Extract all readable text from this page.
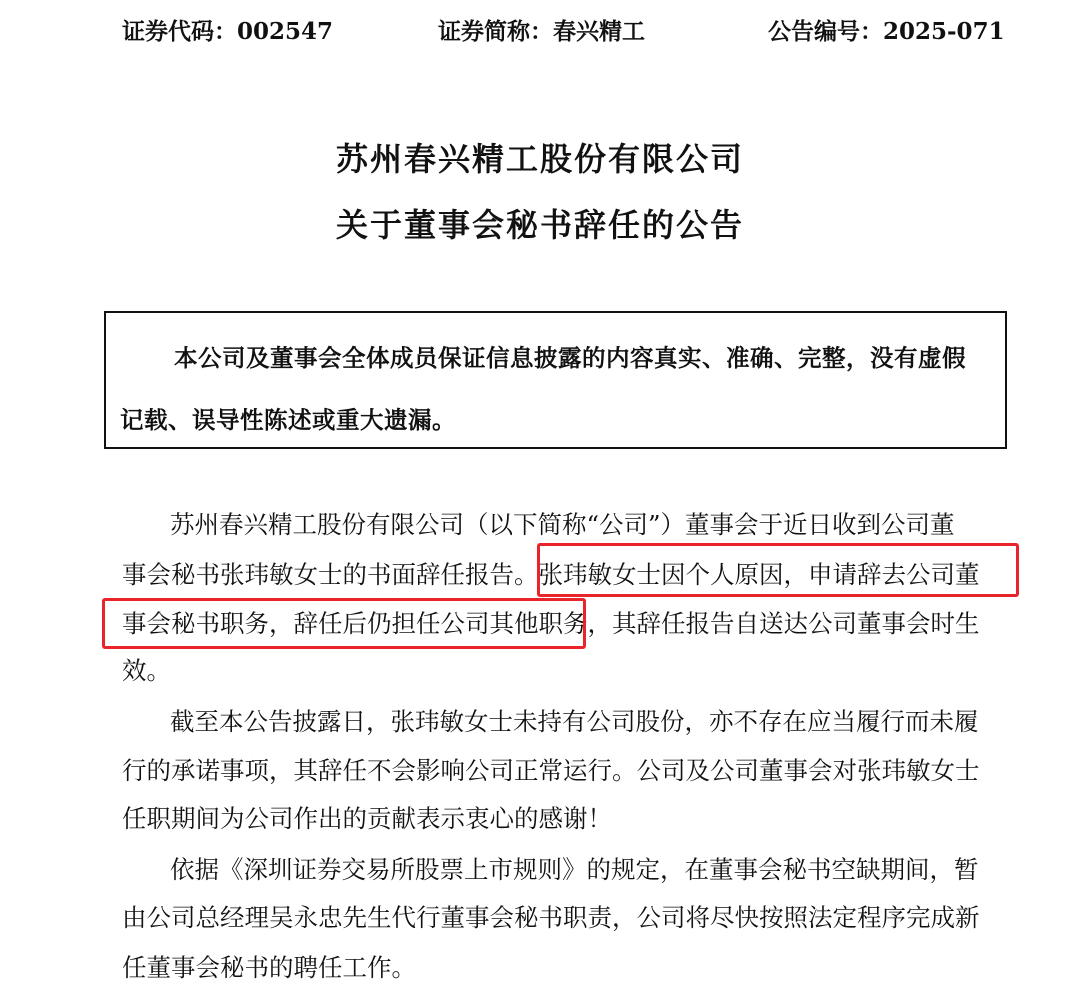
证券代码：002547	证券简称：春兴精工	公告编号：2025-071
苏州春兴精工股份有限公司
关于董事会秘书辞任的公告
本公司及董事会全体成员保证信息披露的内容真实、准确、完整，没有虚假
记载、误导性陈述或重大遗漏。
苏州春兴精工股份有限公司（以下简称“公司”）董事会于近日收到公司董
事会秘书张玮敏女士的书面辞任报告。张玮敏女士因个人原因，申请辞去公司董
事会秘书职务，辞任后仍担任公司其他职务，其辞任报告自送达公司董事会时生
效。
截至本公告披露日，张玮敏女士未持有公司股份，亦不存在应当履行而未履
行的承诺事项，其辞任不会影响公司正常运行。公司及公司董事会对张玮敏女士
任职期间为公司作出的贡献表示衷心的感谢！
依据《深圳证券交易所股票上市规则》的规定，在董事会秘书空缺期间，暂
由公司总经理吴永忠先生代行董事会秘书职责，公司将尽快按照法定程序完成新
任董事会秘书的聘任工作。
